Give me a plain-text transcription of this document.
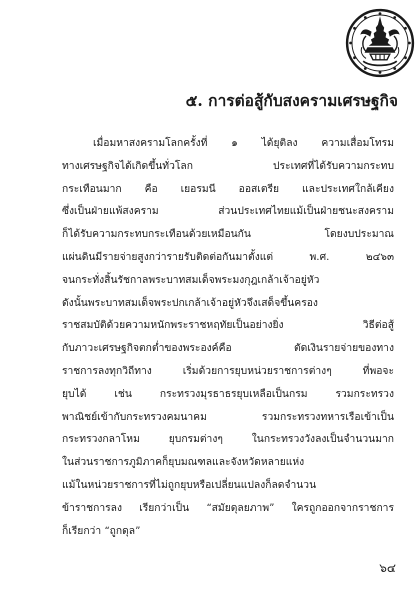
๕. การต่อสู้กับสงครามเศรษฐกิจ
เมื่อมหาสงครามโลกครั้งที่ ๑ ได้ยุติลง ความเสื่อมโทรม
ทางเศรษฐกิจได้เกิดขึ้นทั่วโลก ประเทศที่ได้รับความกระทบ
กระเทือนมาก คือ เยอรมนี ออสเตรีย และประเทศใกล้เคียง
ซึ่งเป็นฝ่ายแพ้สงคราม ส่วนประเทศไทยแม้เป็นฝ่ายชนะสงคราม
ก็ได้รับความกระทบกระเทือนด้วยเหมือนกัน โดยงบประมาณ
แผ่นดินมีรายจ่ายสูงกว่ารายรับติดต่อกันมาตั้งแต่ พ.ศ. ๒๔๖๓
จนกระทั่งสิ้นรัชกาลพระบาทสมเด็จพระมงกุฎเกล้าเจ้าอยู่หัว
ดังนั้นพระบาทสมเด็จพระปกเกล้าเจ้าอยู่หัวจึงเสด็จขึ้นครอง
ราชสมบัติด้วยความหนักพระราชหฤทัยเป็นอย่างยิ่ง วิธีต่อสู้
กับภาวะเศรษฐกิจตกต่ำของพระองค์คือ ตัดเงินรายจ่ายของทาง
ราชการลงทุกวิถีทาง เริ่มด้วยการยุบหน่วยราชการต่างๆ ที่พอจะ
ยุบได้ เช่น กระทรวงมุรธาธรยุบเหลือเป็นกรม รวมกระทรวง
พาณิชย์เข้ากับกระทรวงคมนาคม รวมกระทรวงทหารเรือเข้าเป็น
กระทรวงกลาโหม ยุบกรมต่างๆ ในกระทรวงวังลงเป็นจำนวนมาก
ในส่วนราชการภูมิภาคก็ยุบมณฑลและจังหวัดหลายแห่ง
แม้ในหน่วยราชการที่ไม่ถูกยุบหรือเปลี่ยนแปลงก็ลดจำนวน
ข้าราชการลง เรียกว่าเป็น “สมัยดุลยภาพ” ใครถูกออกจากราชการ
ก็เรียกว่า “ถูกดุล”
๖๔
